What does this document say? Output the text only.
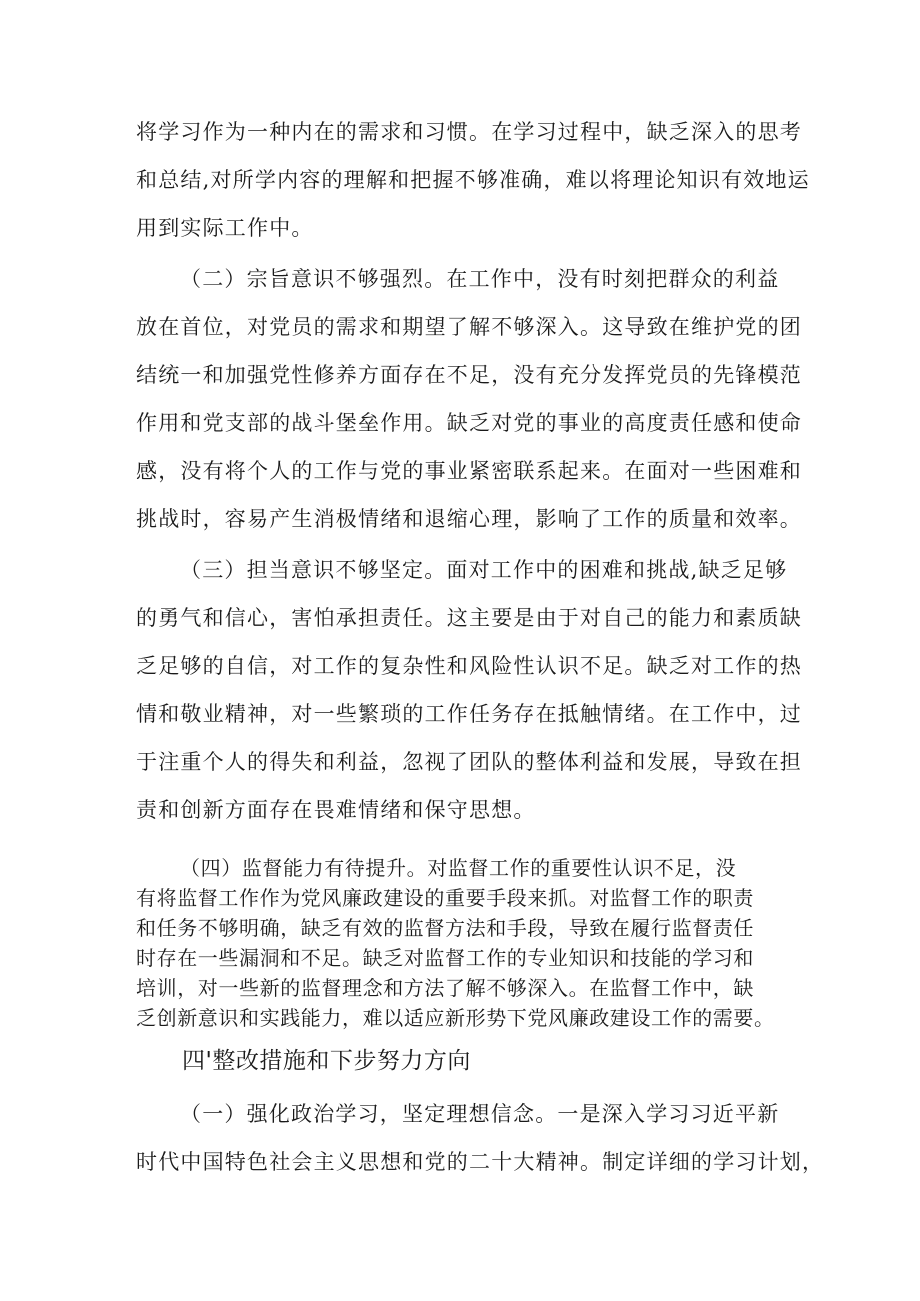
将学习作为一种内在的需求和习惯。在学习过程中，缺乏深入的思考
和总结,对所学内容的理解和把握不够准确，难以将理论知识有效地运
用到实际工作中。
（二）宗旨意识不够强烈。在工作中，没有时刻把群众的利益
放在首位，对党员的需求和期望了解不够深入。这导致在维护党的团
结统一和加强党性修养方面存在不足，没有充分发挥党员的先锋模范
作用和党支部的战斗堡垒作用。缺乏对党的事业的高度责任感和使命
感，没有将个人的工作与党的事业紧密联系起来。在面对一些困难和
挑战时，容易产生消极情绪和退缩心理，影响了工作的质量和效率。
（三）担当意识不够坚定。面对工作中的困难和挑战,缺乏足够
的勇气和信心，害怕承担责任。这主要是由于对自己的能力和素质缺
乏足够的自信，对工作的复杂性和风险性认识不足。缺乏对工作的热
情和敬业精神，对一些繁琐的工作任务存在抵触情绪。在工作中，过
于注重个人的得失和利益，忽视了团队的整体利益和发展，导致在担
责和创新方面存在畏难情绪和保守思想。
（四）监督能力有待提升。对监督工作的重要性认识不足，没
有将监督工作作为党风廉政建设的重要手段来抓。对监督工作的职责
和任务不够明确，缺乏有效的监督方法和手段，导致在履行监督责任
时存在一些漏洞和不足。缺乏对监督工作的专业知识和技能的学习和
培训，对一些新的监督理念和方法了解不够深入。在监督工作中，缺
乏创新意识和实践能力，难以适应新形势下党风廉政建设工作的需要。
四'整改措施和下步努力方向
（一）强化政治学习，坚定理想信念。一是深入学习习近平新
时代中国特色社会主义思想和党的二十大精神。制定详细的学习计划，
